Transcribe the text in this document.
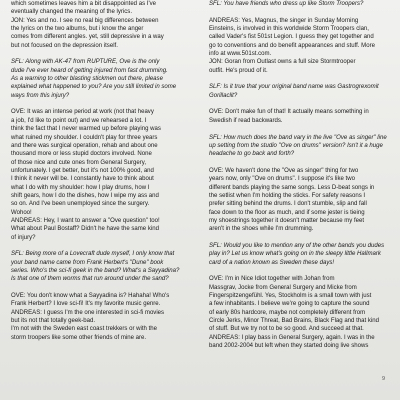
which sometimes leaves him a bit disappointed as I've
eventually changed the meaning of the lyrics.
JON: Yes and no. I see no real big differences between
the lyrics on the two albums, but i know the anger
comes from different angles. yet, still depressive in a way
but not focused on the depression itself.

SFL: Along with AK-47 from RUPTURE, Ove is the only
dude I've ever heard of getting injured from fast drumming.
As a warning to other blasting stickmen out there, please
explained what happened to you? Are you still limited in some
ways from this injury?

OVE: It was an intense period at work (not that heavy
a job, I'd like to point out) and we rehearsed a lot. I
think the fact that I never warmed up before playing was
what ruined my shoulder. I couldn't play for three years
and there was surgical operation, rehab and about one
thousand more or less stupid doctors involved. None
of those nice and cute ones from General Surgery,
unfortunately. I get better, but it's not 100% good, and
I think it never will be. I constantly have to think about
what I do with my shoulder: how I play drums, how I
shift gears, how I do the dishes, how I wipe my ass and
so on. And I've been unemployed since the surgery.
Wohoo!
ANDREAS: Hey, I want to answer a "Ove question" too!
What about Paul Bostaff? Didn't he have the same kind
of injury?

SFL: Being more of a Lovecraft dude myself, I only know that
your band name came from Frank Herbert's "Dune" book
series. Who's the sci-fi geek in the band? What's a Sayyadina?
Is that one of them worms that run around under the sand?

OVE: You don't know what a Sayyadina is? Hahaha! Who's
Frank Herbert? I love sci-fi! It's my favorite music genre.
ANDREAS: I guess I'm the one interested in sci-fi movies
but its not that totally geek-bad.
I'm not with the Sweden east coast trekkers or with the
storm troopers like some other friends of mine are.

SFL: You have friends who dress up like Storm Troopers?

ANDREAS: Yes, Magnus, the singer in Sunday Morning
Einsteins, is involved in this worldwide Storm Troopers clan,
called Vader's fist 501st Legion. I guess they get together and
go to conventions and do benefit appearances and stuff. More
info at www.501st.com.
JON: Goran from Outlast owns a full size Stormtrooper
outfit. He's proud of it.

SLF: Is it true that your original band name was Gastrogrexomit
Gorillaclit?

OVE: Don't make fun of that! It actually means something in
Swedish if read backwards.

SFL: How much does the band vary in the live "Ove as singer" line
up setting from the studio "Ove on drums" version? Isn't it a huge
headache to go back and forth?

OVE: We haven't done the "Ove as singer" thing for two
years now, only "Ove on drums". I suppose it's like two
different bands playing the same songs. Less D-beat songs in
the setlist when I'm holding the sticks. For safety reasons I
prefer sitting behind the drums. I don't stumble, slip and fall
face down to the floor as much, and if some jester is tieing
my shoestrings together it doesn't matter because my feet
aren't in the shoes while I'm drumming.

SFL: Would you like to mention any of the other bands you dudes
play in? Let us know what's going on in the sleepy little Hallmark
card of a nation known as Sweden these days!

OVE: I'm in Nice Idiot together with Johan from
Massgrav, Jocke from General Surgery and Micke from
Fingerspitzengefühl. Yes, Stockholm is a small town with just
a few inhabitants. I believe we're going to capture the sound
of early 80s hardcore, maybe not completely different from
Circle Jerks, Minor Threat, Bad Brains, Black Flag and that kind
of stuff. But we try not to be so good. And succeed at that.
ANDREAS: I play bass in General Surgery, again. I was in the
band 2002-2004 but left when they started doing live shows

9
